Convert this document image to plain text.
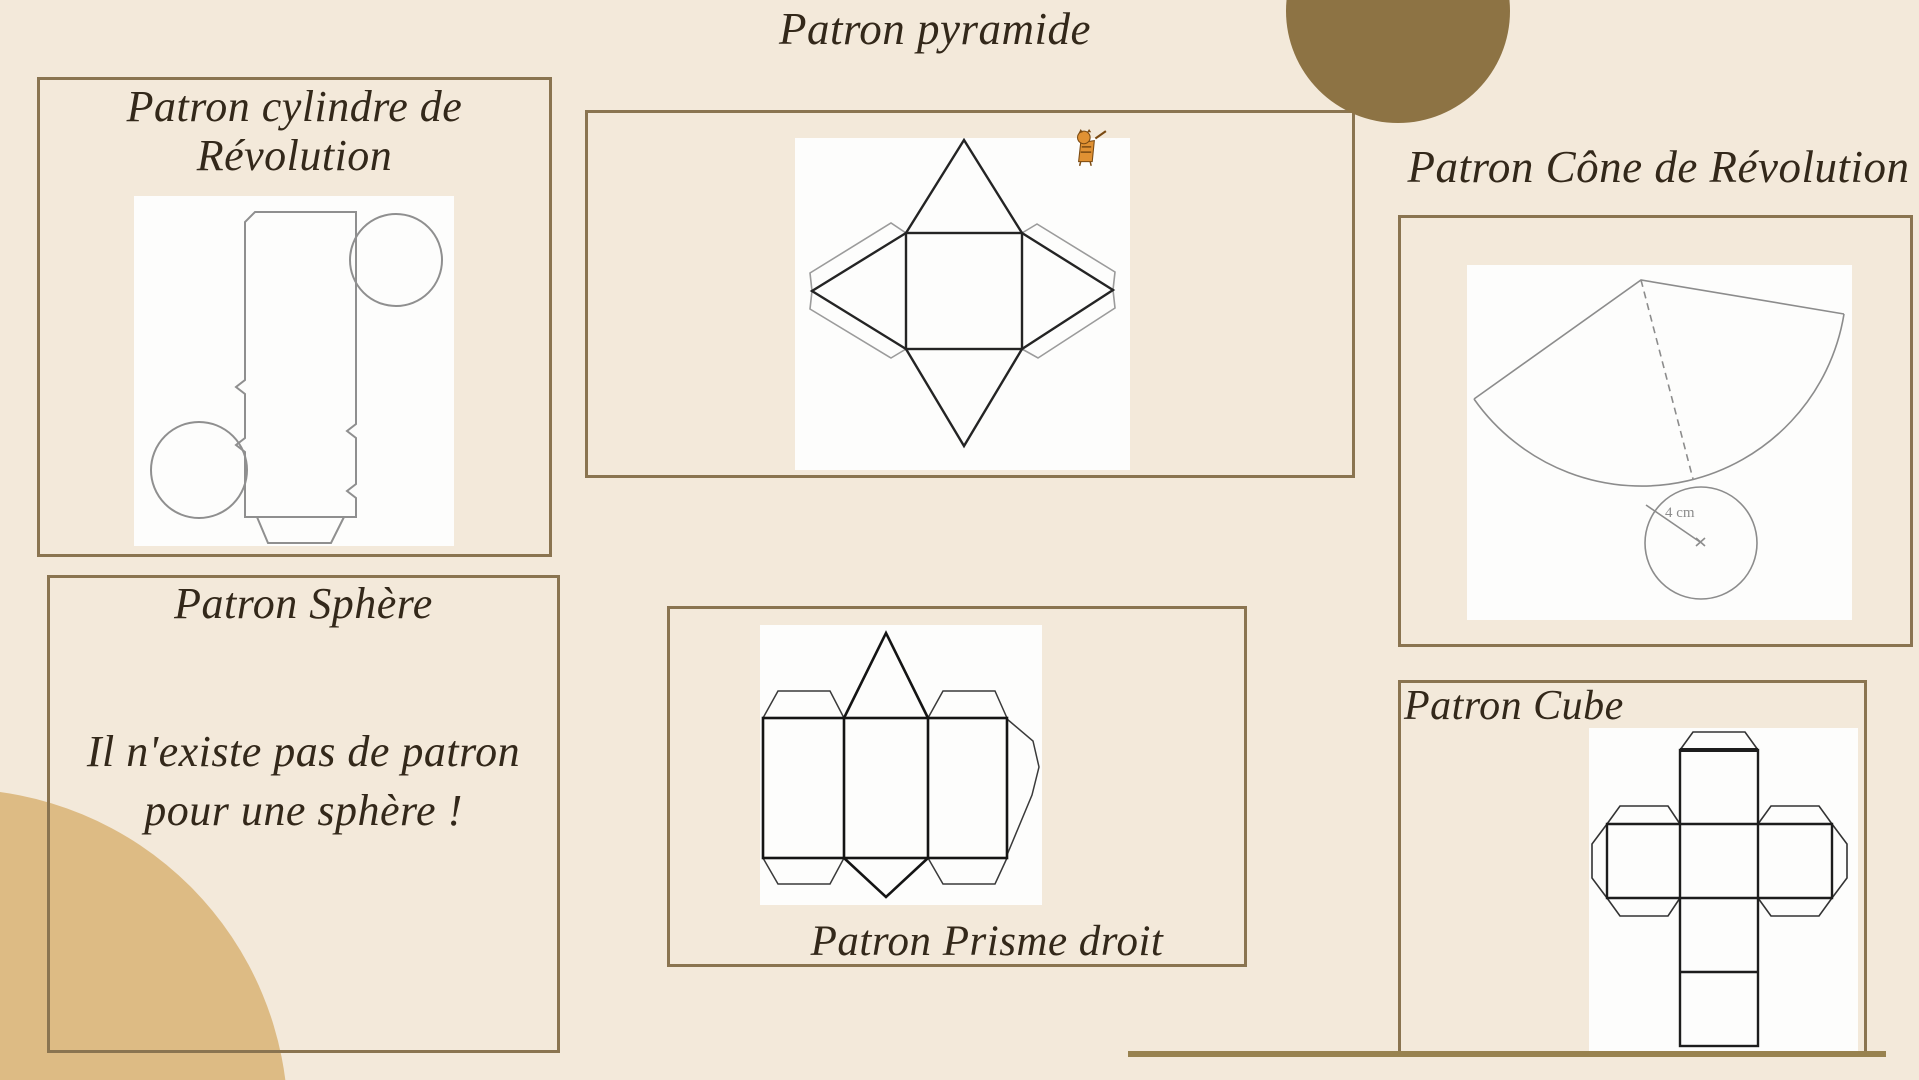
Patron pyramide
Patron cylindre de
Révolution	Patron Cône de Révolution
4 cm
Patron Sphère
Il n'existe pas de patron
pour une sphère !
Patron Prisme droit
Patron Cube
